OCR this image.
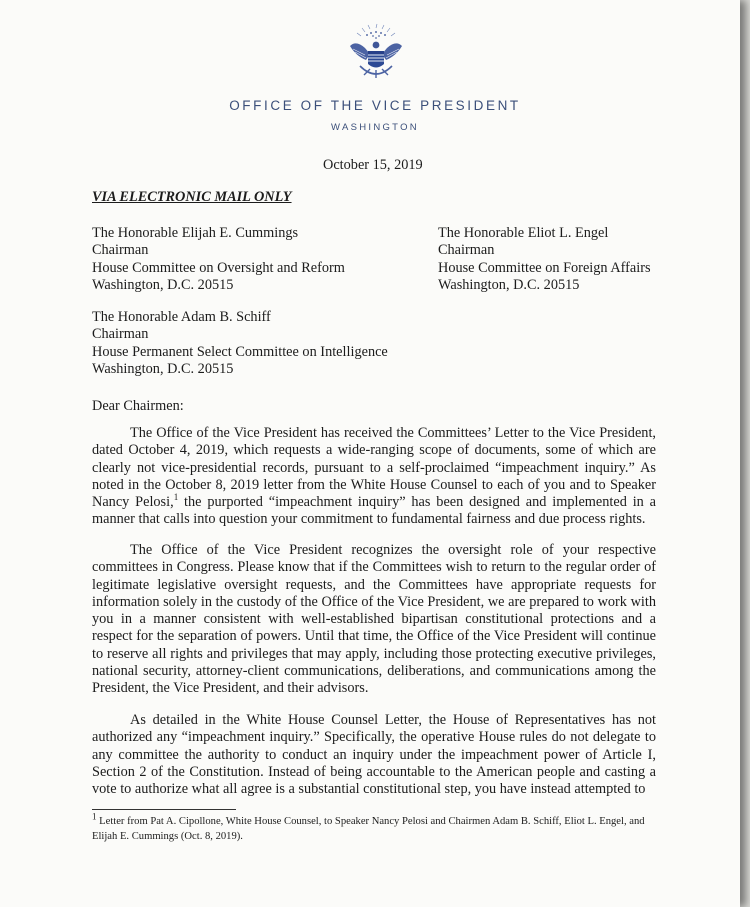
OFFICE OF THE VICE PRESIDENT
WASHINGTON
October 15, 2019
VIA ELECTRONIC MAIL ONLY
The Honorable Elijah E. Cummings
Chairman
House Committee on Oversight and Reform
Washington, D.C. 20515
The Honorable Eliot L. Engel
Chairman
House Committee on Foreign Affairs
Washington, D.C. 20515
The Honorable Adam B. Schiff
Chairman
House Permanent Select Committee on Intelligence
Washington, D.C. 20515
Dear Chairmen:

The Office of the Vice President has received the Committees’ Letter to the Vice President, dated October 4, 2019, which requests a wide-ranging scope of documents, some of which are clearly not vice-presidential records, pursuant to a self-proclaimed “impeachment inquiry.” As noted in the October 8, 2019 letter from the White House Counsel to each of you and to Speaker Nancy Pelosi,$^1$ the purported “impeachment inquiry” has been designed and implemented in a manner that calls into question your commitment to fundamental fairness and due process rights.

The Office of the Vice President recognizes the oversight role of your respective committees in Congress. Please know that if the Committees wish to return to the regular order of legitimate legislative oversight requests, and the Committees have appropriate requests for information solely in the custody of the Office of the Vice President, we are prepared to work with you in a manner consistent with well-established bipartisan constitutional protections and a respect for the separation of powers. Until that time, the Office of the Vice President will continue to reserve all rights and privileges that may apply, including those protecting executive privileges, national security, attorney-client communications, deliberations, and communications among the President, the Vice President, and their advisors.

As detailed in the White House Counsel Letter, the House of Representatives has not authorized any “impeachment inquiry.” Specifically, the operative House rules do not delegate to any committee the authority to conduct an inquiry under the impeachment power of Article I, Section 2 of the Constitution. Instead of being accountable to the American people and casting a vote to authorize what all agree is a substantial constitutional step, you have instead attempted to

$^1$ Letter from Pat A. Cipollone, White House Counsel, to Speaker Nancy Pelosi and Chairmen Adam B. Schiff, Eliot L. Engel, and Elijah E. Cummings (Oct. 8, 2019).
